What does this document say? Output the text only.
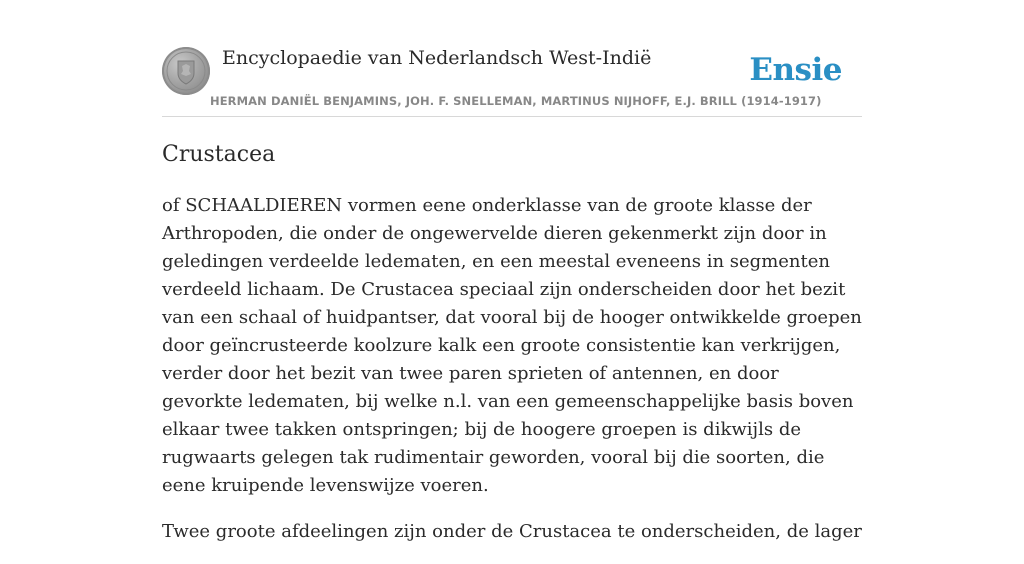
Encyclopaedie van Nederlandsch West-Indië	Ensie
HERMAN DANIËL BENJAMINS, JOH. F. SNELLEMAN, MARTINUS NIJHOFF, E.J. BRILL (1914-1917)
Crustacea

of SCHAALDIEREN vormen eene onderklasse van de groote klasse der Arthropoden, die onder de ongewervelde dieren gekenmerkt zijn door in geledingen verdeelde ledematen, en een meestal eveneens in segmenten verdeeld lichaam. De Crustacea speciaal zijn onderscheiden door het bezit van een schaal of huidpantser, dat vooral bij de hooger ontwikkelde groepen door geïncrusteerde koolzure kalk een groote consistentie kan verkrijgen, verder door het bezit van twee paren sprieten of antennen, en door gevorkte ledematen, bij welke n.l. van een gemeenschappelijke basis boven elkaar twee takken ontspringen; bij de hoogere groepen is dikwijls de rugwaarts gelegen tak rudimentair geworden, vooral bij die soorten, die eene kruipende levenswijze voeren.

Twee groote afdeelingen zijn onder de Crustacea te onderscheiden, de lager
